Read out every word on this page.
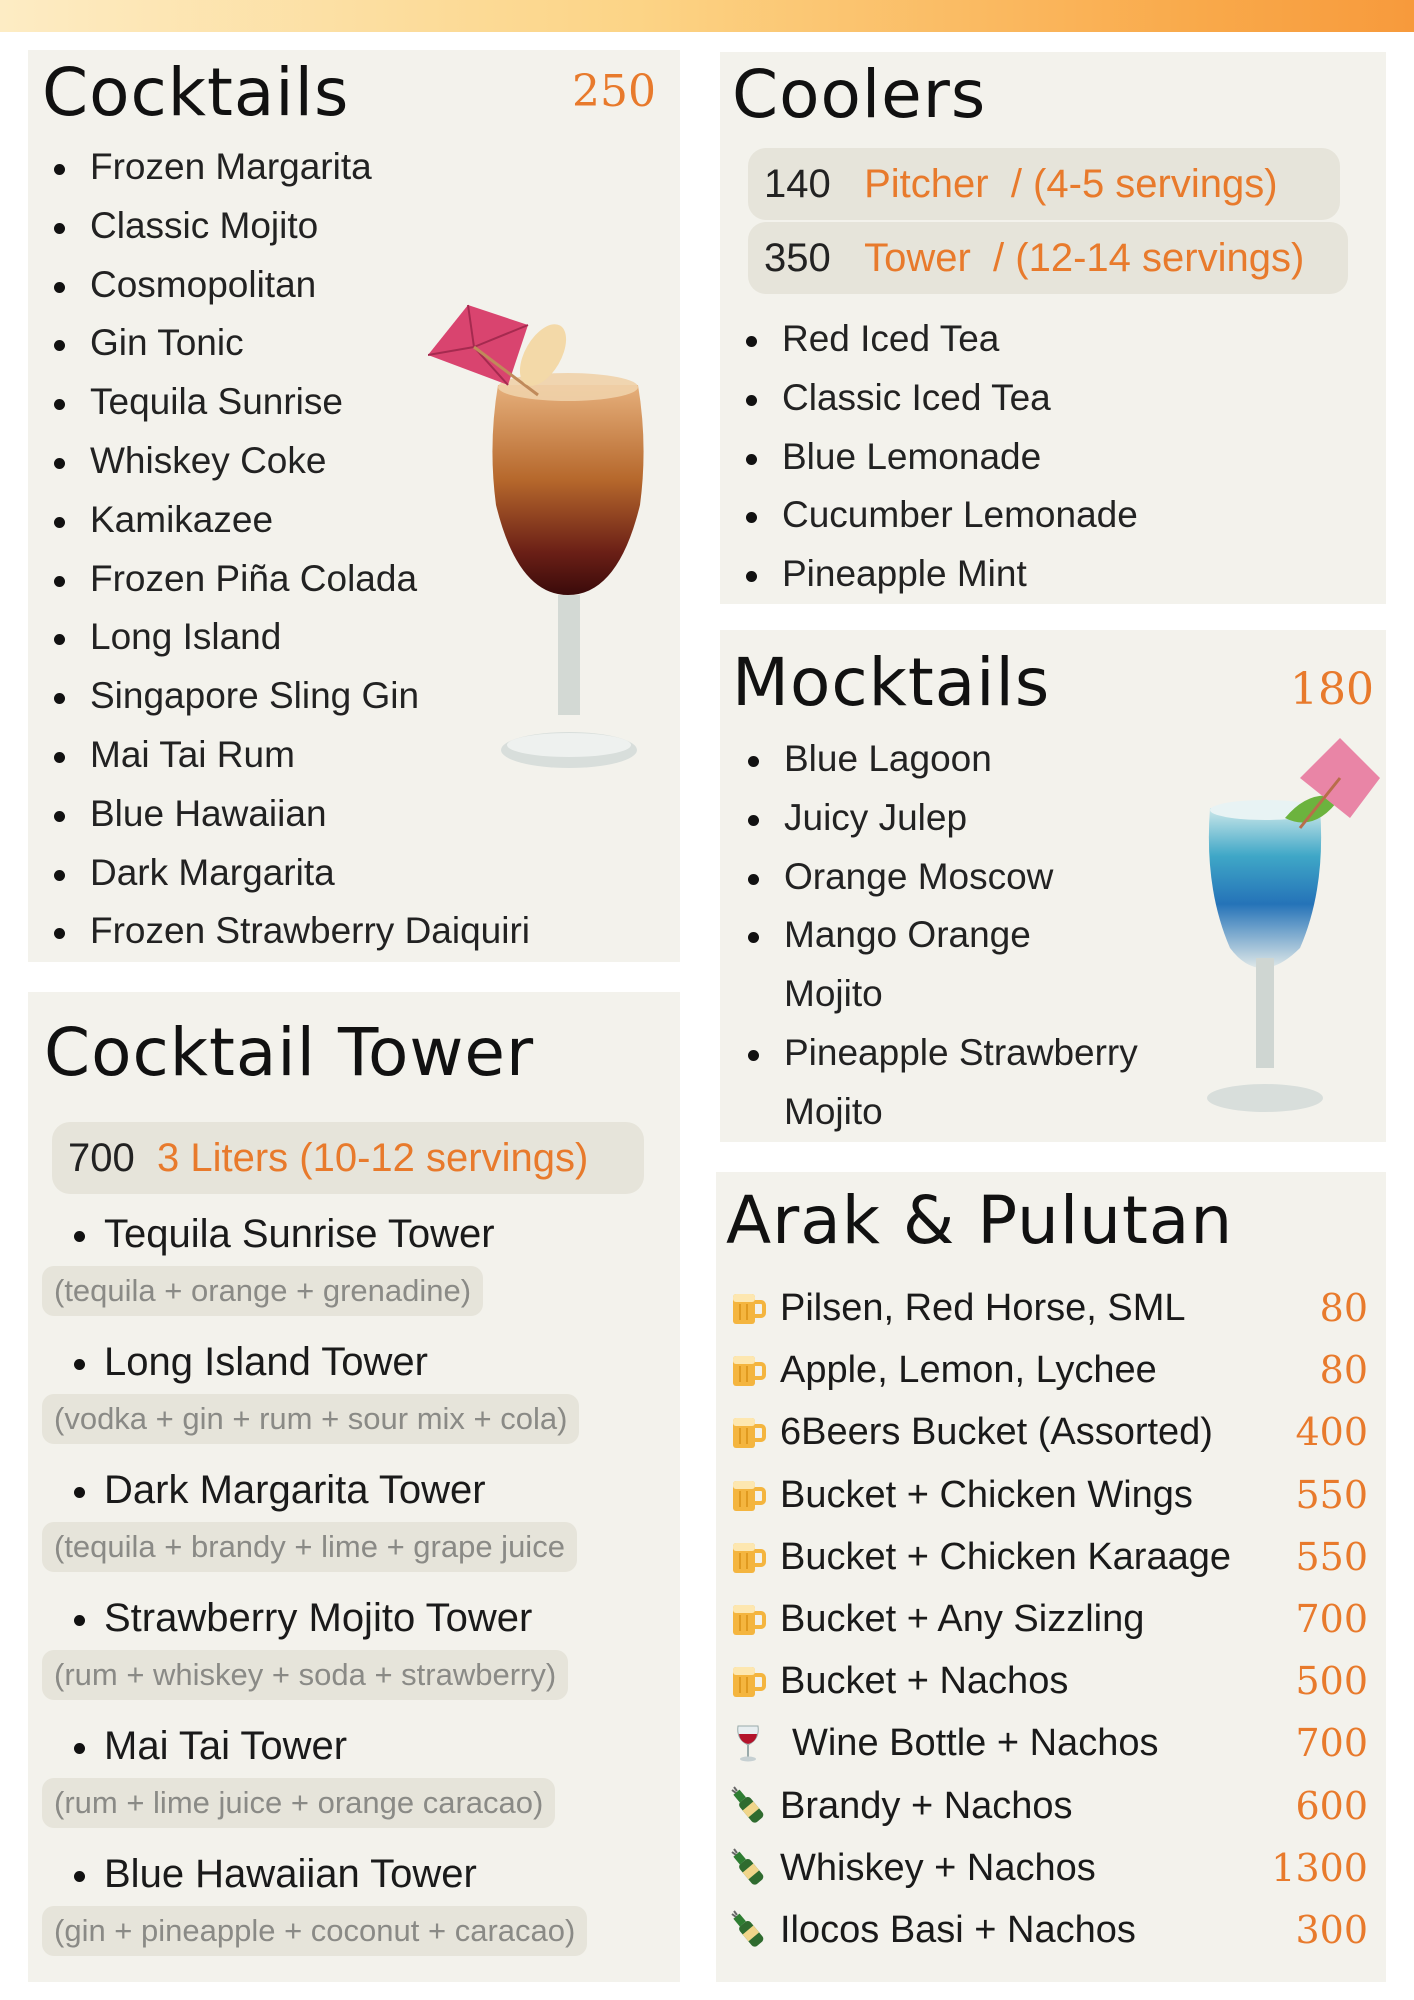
Cocktails	250
Frozen Margarita
Classic Mojito
Cosmopolitan
Gin Tonic
Tequila Sunrise
Whiskey Coke
Kamikazee
Frozen Piña Colada
Long Island
Singapore Sling Gin
Mai Tai Rum
Blue Hawaiian
Dark Margarita
Frozen Strawberry Daiquiri
Cocktail Tower
700 3 Liters (10-12 servings)
Tequila Sunrise Tower
(tequila + orange + grenadine)
Long Island Tower
(vodka + gin + rum + sour mix + cola)
Dark Margarita Tower
(tequila + brandy + lime + grape juice
Strawberry Mojito Tower
(rum + whiskey + soda + strawberry)
Mai Tai Tower
(rum + lime juice + orange caracao)
Blue Hawaiian Tower
(gin + pineapple + coconut + caracao)
Coolers
140 Pitcher / (4-5 servings)
350 Tower / (12-14 servings)
Red Iced Tea
Classic Iced Tea
Blue Lemonade
Cucumber Lemonade
Pineapple Mint
Mocktails	180
Blue Lagoon
Juicy Julep
Orange Moscow
Mango Orange
Mojito
Pineapple Strawberry
Mojito
Arak & Pulutan
Pilsen, Red Horse, SML	80
Apple, Lemon, Lychee	80
6Beers Bucket (Assorted) 400
Bucket + Chicken Wings	550
Bucket + Chicken Karaage 550
Bucket + Any Sizzling	700
Bucket + Nachos	500
Wine Bottle + Nachos	700
Brandy + Nachos	600
Whiskey + Nachos	1300
Ilocos Basi + Nachos	300
